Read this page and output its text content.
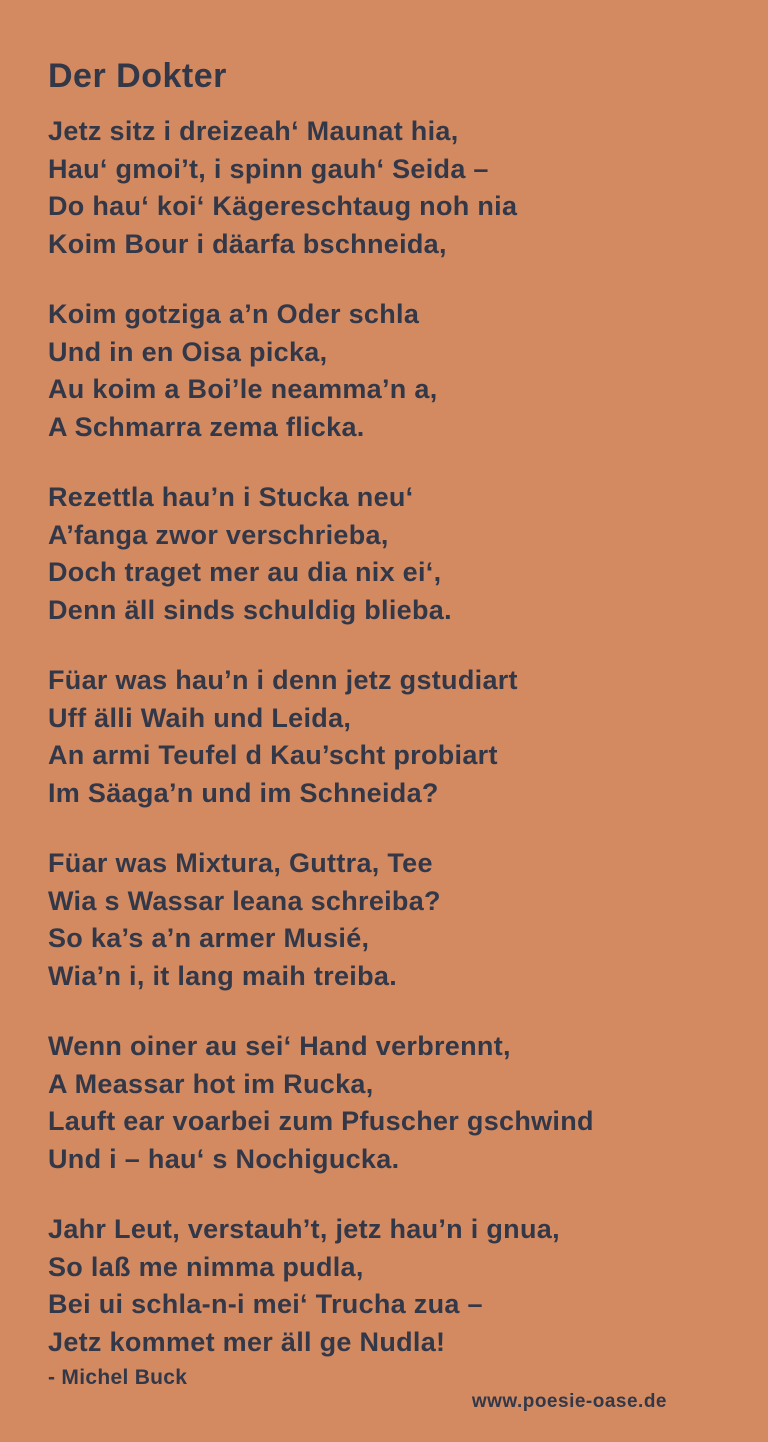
Der Dokter
Jetz sitz i dreizeah‘ Maunat hia,
Hau‘ gmoi’t, i spinn gauh‘ Seida –
Do hau‘ koi‘ Kägereschtaug noh nia
Koim Bour i däarfa bschneida,
Koim gotziga a’n Oder schla
Und in en Oisa picka,
Au koim a Boi’le neamma’n a,
A Schmarra zema flicka.
Rezettla hau’n i Stucka neu‘
A’fanga zwor verschrieba,
Doch traget mer au dia nix ei‘,
Denn äll sinds schuldig blieba.
Füar was hau’n i denn jetz gstudiart
Uff älli Waih und Leida,
An armi Teufel d Kau’scht probiart
Im Säaga’n und im Schneida?
Füar was Mixtura, Guttra, Tee
Wia s Wassar leana schreiba?
So ka’s a’n armer Musié,
Wia’n i, it lang maih treiba.
Wenn oiner au sei‘ Hand verbrennt,
A Meassar hot im Rucka,
Lauft ear voarbei zum Pfuscher gschwind
Und i – hau‘ s Nochigucka.
Jahr Leut, verstauh’t, jetz hau’n i gnua,
So laß me nimma pudla,
Bei ui schla-n-i mei‘ Trucha zua –
Jetz kommet mer äll ge Nudla!
- Michel Buck
www.poesie-oase.de
